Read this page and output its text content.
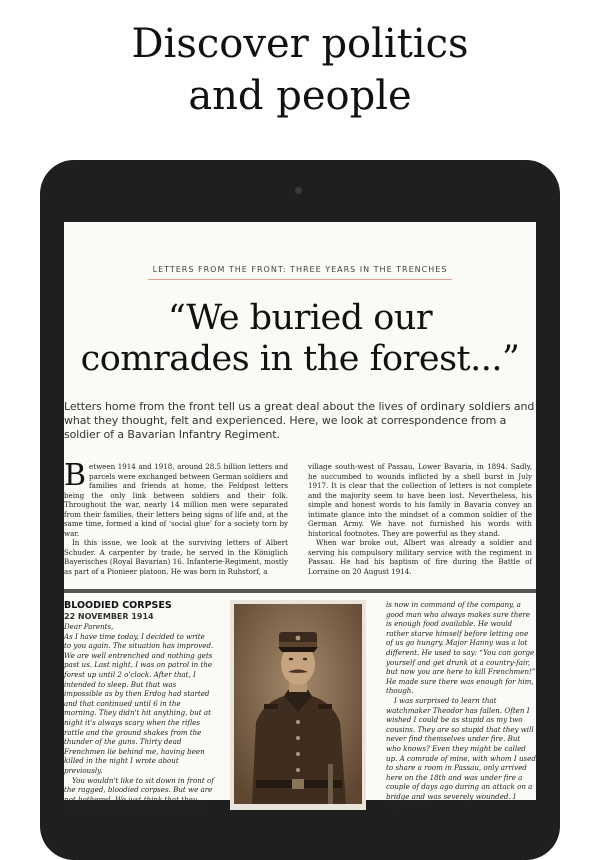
Discover politics
and people
LETTERS FROM THE FRONT: THREE YEARS IN THE TRENCHES
“We buried our
comrades in the forest...”
Letters home from the front tell us a great deal about the lives of ordinary soldiers and what they thought, felt and experienced. Here, we look at correspondence from a soldier of a Bavarian Infantry Regiment.

Between 1914 and 1918, around 28.5 billion letters and parcels were exchanged between German soldiers and families and friends at home, the Feldpost letters being the only link between soldiers and their folk. Throughout the war, nearly 14 million men were separated from their families, their letters being signs of life and, at the same time, formed a kind of ‘social glue’ for a society torn by war.

In this issue, we look at the surviving letters of Albert Schuder. A carpenter by trade, he served in the Königlich Bayerisches (Royal Bavarian) 16. Infanterie-Regiment, mostly as part of a Pionieer platoon. He was born in Ruhstorf, a

village south-west of Passau, Lower Bavaria, in 1894. Sadly, he succumbed to wounds inflicted by a shell burst in July 1917. It is clear that the collection of letters is not complete and the majority seem to have been lost. Nevertheless, his simple and honest words to his family in Bavaria convey an intimate glance into the mindset of a common soldier of the German Army. We have not furnished his words with historical footnotes. They are powerful as they stand.

When war broke out, Albert was already a soldier and serving his compulsory military service with the regiment in Passau. He had his baptism of fire during the Battle of Lorraine on 20 August 1914.

BLOODIED CORPSES
22 NOVEMBER 1914

Dear Parents,

As I have time today, I decided to write to you again. The situation has improved. We are well entrenched and nothing gets past us. Last night, I was on patrol in the forest up until 2 o'clock. After that, I intended to sleep. But that was impossible as by then Erdog had started and that continued until 6 in the morning. They didn't hit anything, but at night it's always scary when the rifles rattle and the ground shakes from the thunder of the guns. Thirty dead Frenchmen lie behind me, having been killed in the night I wrote about previously.

You wouldn't like to sit down in front of the ragged, bloodied corpses. But we are not bothered. We just think that they can't harm us anymore. We buried our

is now in command of the company, a good man who always makes sure there is enough food available. He would rather starve himself before letting one of us go hungry. Major Hanny was a lot different. He used to say: “You can gorge yourself and get drunk at a country-fair, but now you are here to kill Frenchmen!” He made sure there was enough for him, though.

I was surprised to learn that watchmaker Theodor has fallen. Often I wished I could be as stupid as my two cousins. They are so stupid that they will never find themselves under fire. But who knows? Even they might be called up. A comrade of mine, with whom I used to share a room in Passau, only arrived here on the 18th and was under fire a couple of days ago during an attack on a bridge and was severely wounded. I suppose he
